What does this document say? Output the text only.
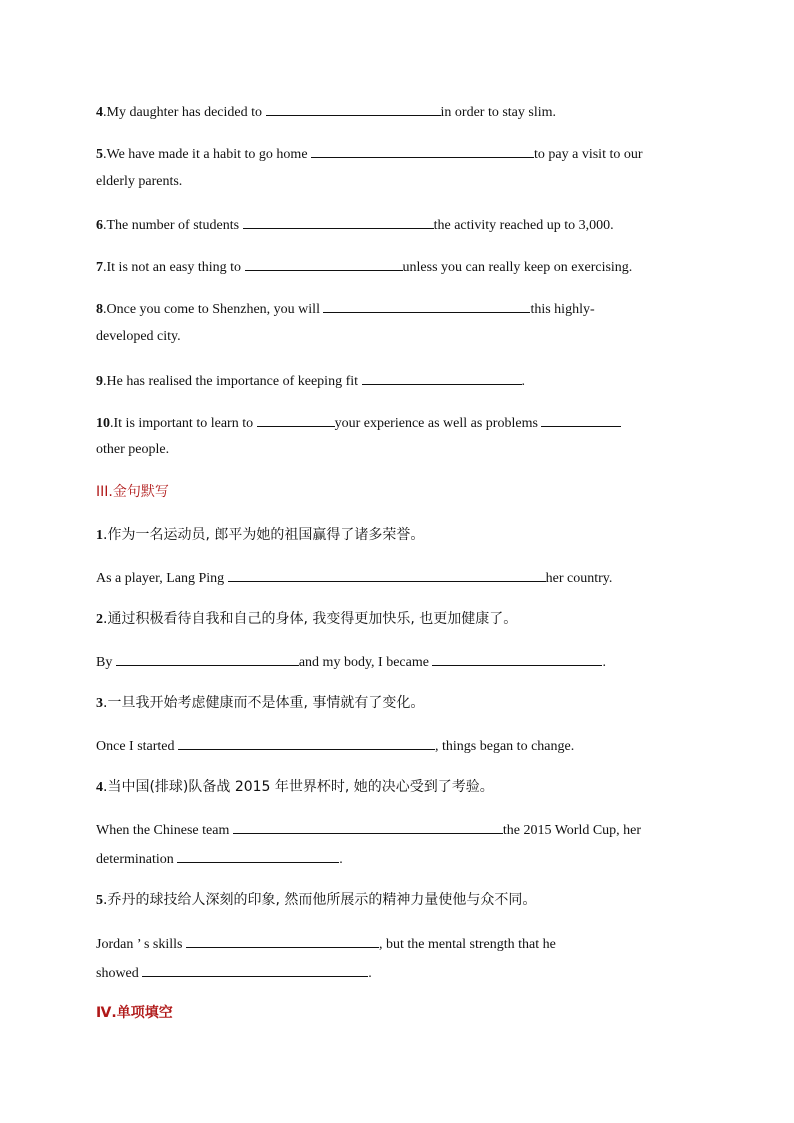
4.My daughter has decided to	in order to stay slim.
5.We have made it a habit to go home	to pay a visit to our
elderly parents.
6.The number of students	the activity reached up to 3,000.
7.It is not an easy thing to	unless you can really keep on exercising.
8.Once you come to Shenzhen, you will	this highly-
developed city.
9.He has realised the importance of keeping fit	.
10.It is important to learn to	your experience as well as problems
other people.
III.金句默写
1.作为一名运动员, 郎平为她的祖国赢得了诸多荣誉。
As a player, Lang Ping	her country.
2.通过积极看待自我和自己的身体, 我变得更加快乐, 也更加健康了。
By	and my body, I became	.
3.一旦我开始考虑健康而不是体重, 事情就有了变化。
Once I started	, things began to change.
4.当中国(排球)队备战 2015 年世界杯时, 她的决心受到了考验。
When the Chinese team	the 2015 World Cup, her
determination	.
5.乔丹的球技给人深刻的印象, 然而他所展示的精神力量使他与众不同。
Jordan ’ s skills	, but the mental strength that he
showed	.
Ⅳ.单项填空
